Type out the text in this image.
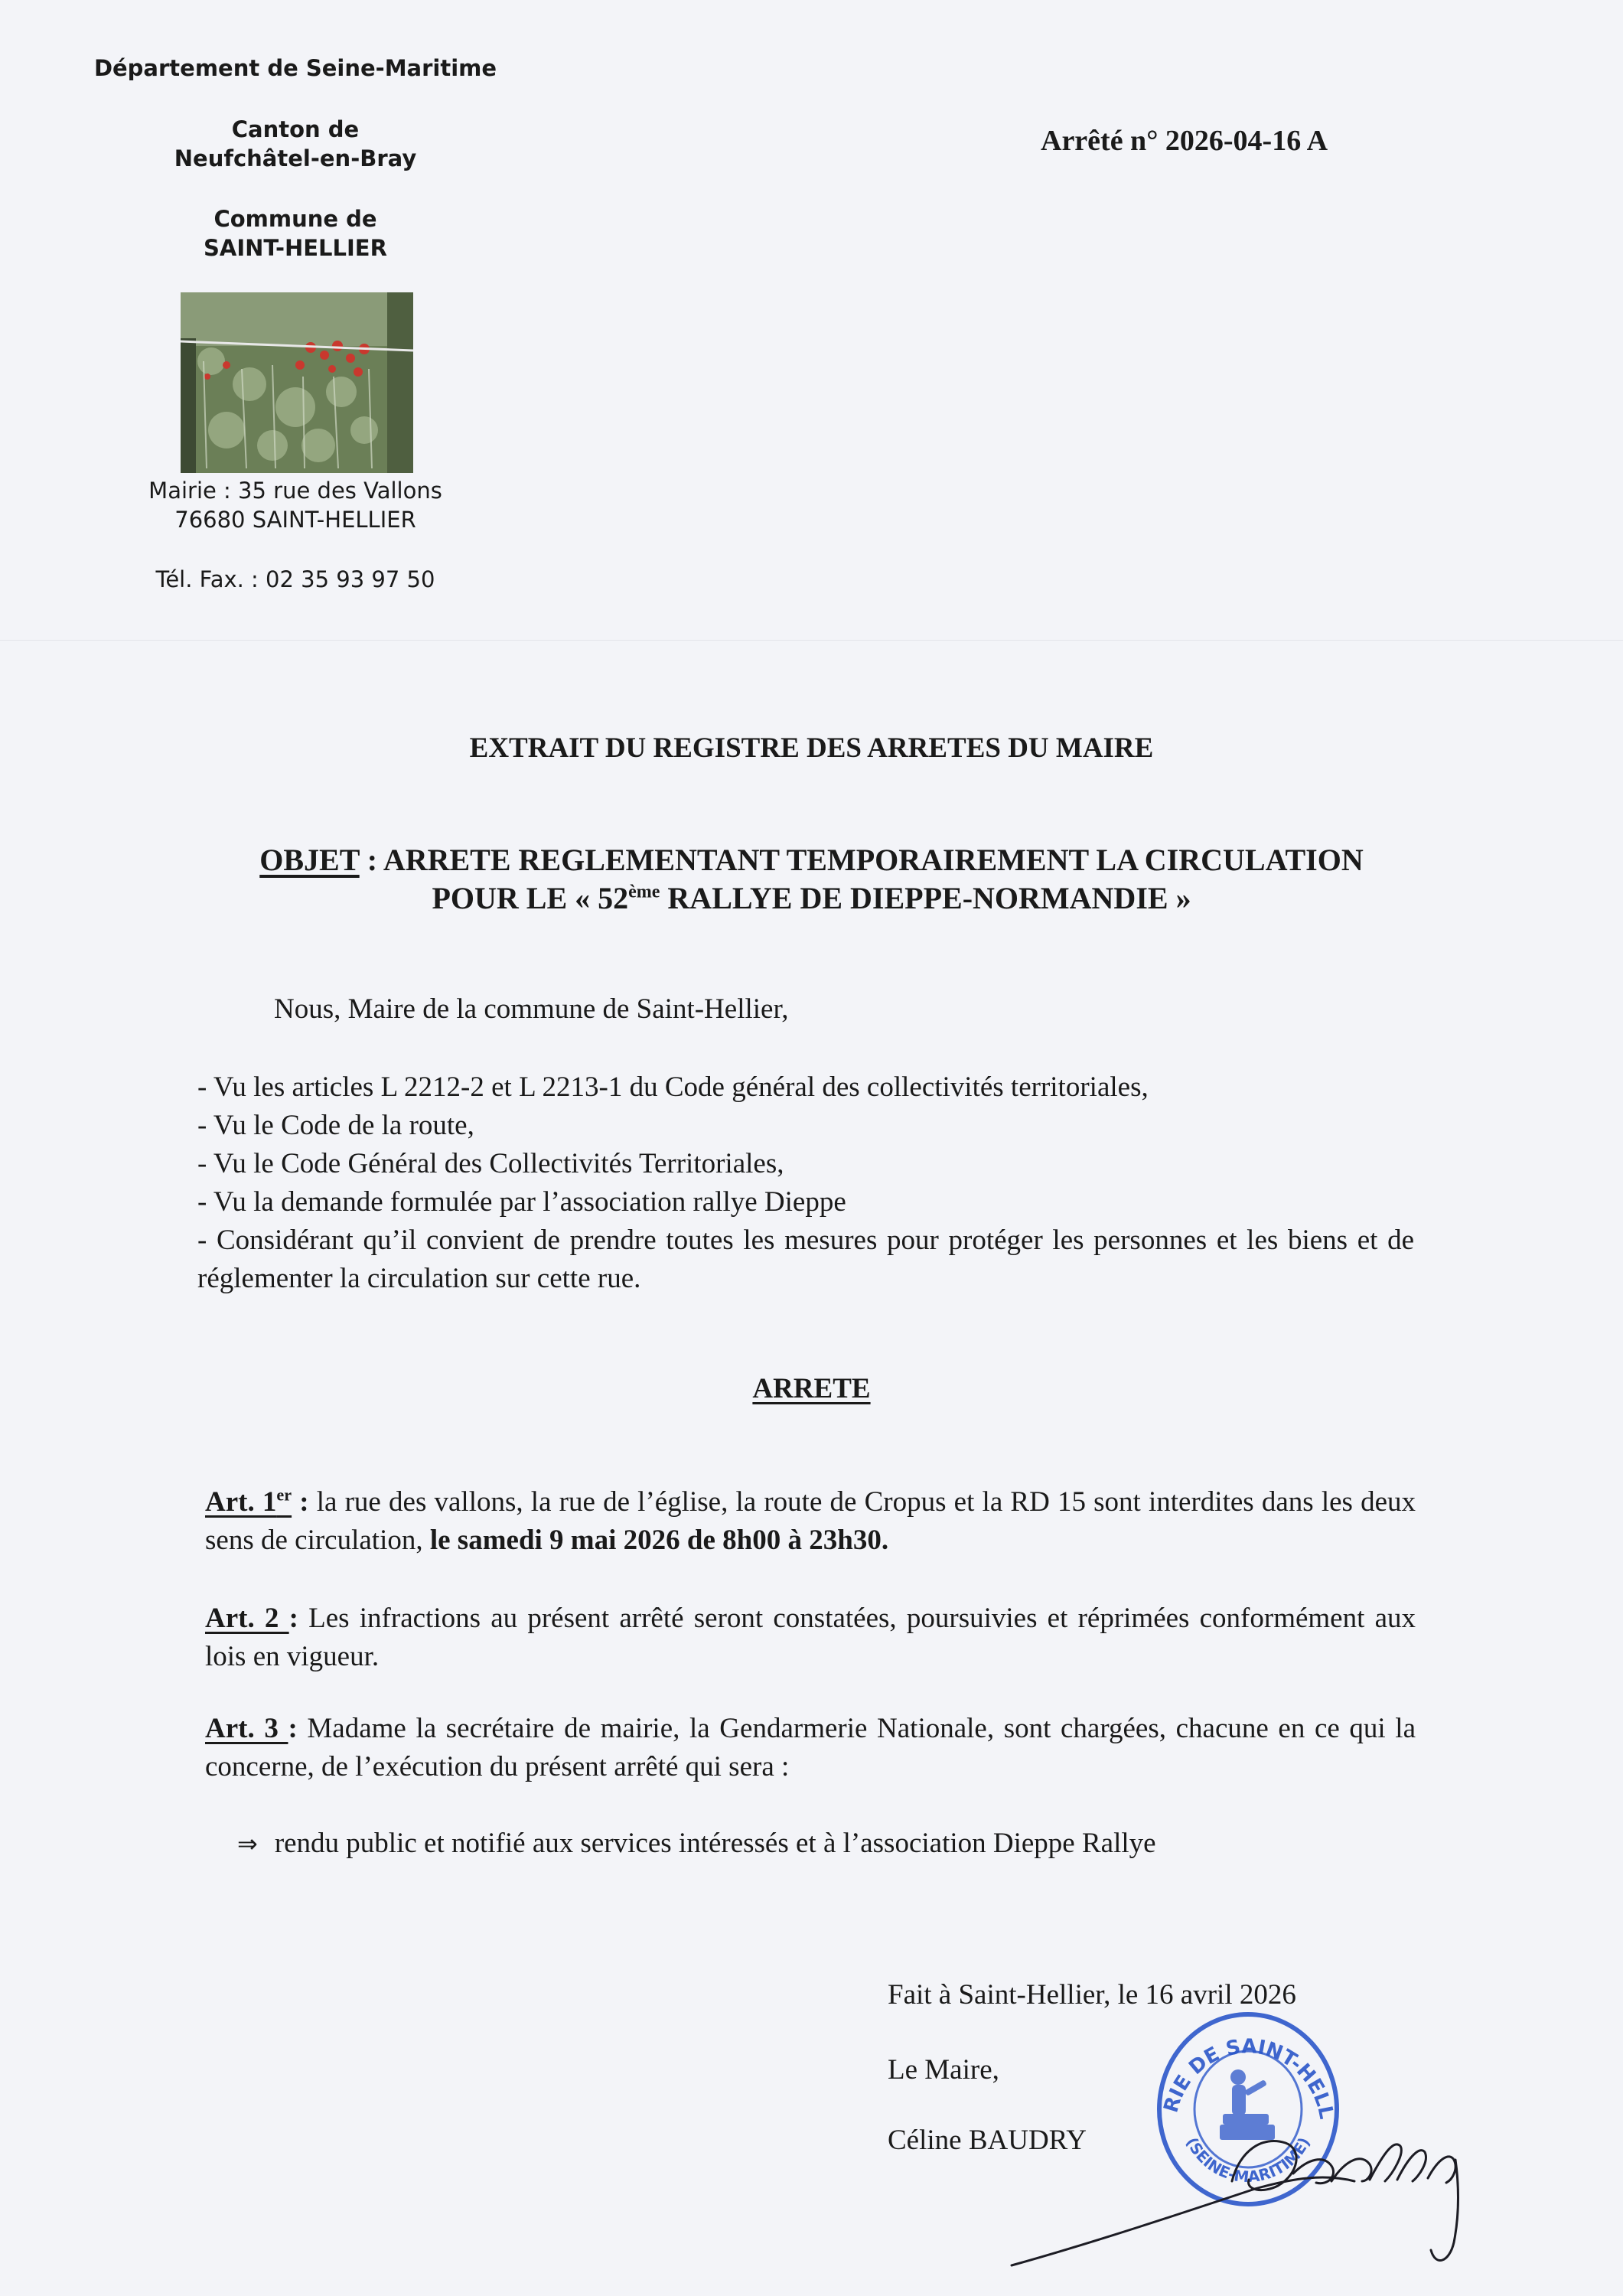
Département de Seine-Maritime
Canton de
Neufchâtel-en-Bray
Commune de
SAINT-HELLIER
Mairie : 35 rue des Vallons
76680 SAINT-HELLIER
Tél. Fax. : 02 35 93 97 50
Arrêté n° 2026-04-16 A
EXTRAIT DU REGISTRE DES ARRETES DU MAIRE
OBJET : ARRETE REGLEMENTANT TEMPORAIREMENT LA CIRCULATION
POUR LE « 52ème RALLYE DE DIEPPE-NORMANDIE »
Nous, Maire de la commune de Saint-Hellier,
- Vu les articles L 2212-2 et L 2213-1 du Code général des collectivités territoriales,
- Vu le Code de la route,
- Vu le Code Général des Collectivités Territoriales,
- Vu la demande formulée par l’association rallye Dieppe
- Considérant qu’il convient de prendre toutes les mesures pour protéger les personnes et les biens et de réglementer la circulation sur cette rue.
ARRETE
Art. 1er : la rue des vallons, la rue de l’église, la route de Cropus et la RD 15 sont interdites dans les deux sens de circulation, le samedi 9 mai 2026 de 8h00 à 23h30.
Art. 2 : Les infractions au présent arrêté seront constatées, poursuivies et réprimées conformément aux lois en vigueur.
Art. 3 : Madame la secrétaire de mairie, la Gendarmerie Nationale, sont chargées, chacune en ce qui la concerne, de l’exécution du présent arrêté qui sera :
⇒ rendu public et notifié aux services intéressés et à l’association Dieppe Rallye
Fait à Saint-Hellier, le 16 avril 2026
Le Maire,
Céline BAUDRY
RIE DE SAINT-HELL
(SEINE-MARITIME)
